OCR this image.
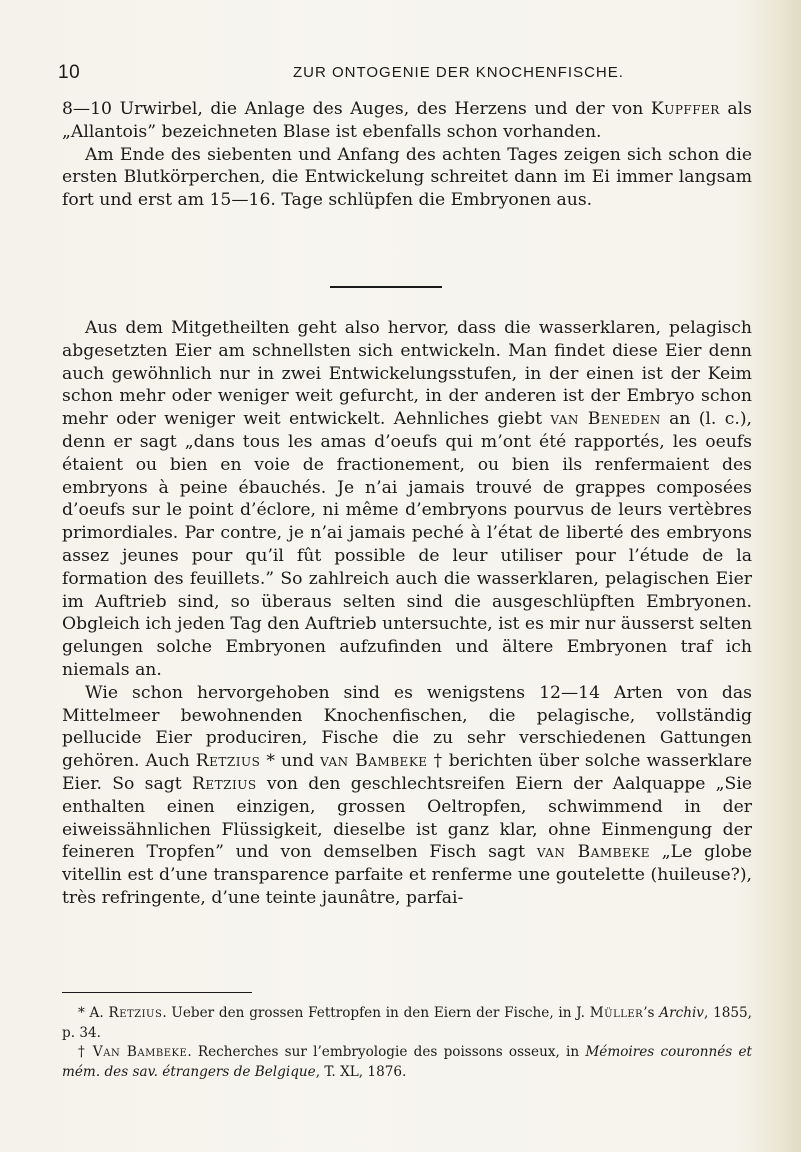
10	ZUR ONTOGENIE DER KNOCHENFISCHE.

8—10 Urwirbel, die Anlage des Auges, des Herzens und der von Kupffer als „Allantois” bezeichneten Blase ist ebenfalls schon vorhanden.

Am Ende des siebenten und Anfang des achten Tages zeigen sich schon die ersten Blutkörperchen, die Entwickelung schreitet dann im Ei immer langsam fort und erst am 15—16. Tage schlüpfen die Embryonen aus.

Aus dem Mitgetheilten geht also hervor, dass die wasserklaren, pelagisch abgesetzten Eier am schnellsten sich entwickeln. Man findet diese Eier denn auch gewöhnlich nur in zwei Entwickelungsstufen, in der einen ist der Keim schon mehr oder weniger weit gefurcht, in der anderen ist der Embryo schon mehr oder weniger weit entwickelt. Aehnliches giebt van Beneden an (l. c.), denn er sagt „dans tous les amas d’oeufs qui m’ont été rapportés, les oeufs étaient ou bien en voie de fractionement, ou bien ils renfermaient des embryons à peine ébauchés. Je n’ai jamais trouvé de grappes composées d’oeufs sur le point d’éclore, ni même d’embryons pourvus de leurs vertèbres primordiales. Par contre, je n’ai jamais peché à l’état de liberté des embryons assez jeunes pour qu’il fût possible de leur utiliser pour l’étude de la formation des feuillets.” So zahlreich auch die wasserklaren, pelagischen Eier im Auftrieb sind, so überaus selten sind die ausgeschlüpften Embryonen. Obgleich ich jeden Tag den Auftrieb untersuchte, ist es mir nur äusserst selten gelungen solche Embryonen aufzufinden und ältere Embryonen traf ich niemals an.

Wie schon hervorgehoben sind es wenigstens 12—14 Arten von das Mittelmeer bewohnenden Knochenfischen, die pelagische, vollständig pellucide Eier produciren, Fische die zu sehr verschiedenen Gattungen gehören. Auch Retzius * und van Bambeke † berichten über solche wasserklare Eier. So sagt Retzius von den geschlechtsreifen Eiern der Aalquappe „Sie enthalten einen einzigen, grossen Oeltropfen, schwimmend in der eiweissähnlichen Flüssigkeit, dieselbe ist ganz klar, ohne Einmengung der feineren Tropfen” und von demselben Fisch sagt van Bambeke „Le globe vitellin est d’une transparence parfaite et renferme une goutelette (huileuse?), très refringente, d’une teinte jaunâtre, parfai-

* A. Retzius. Ueber den grossen Fettropfen in den Eiern der Fische, in J. Müller’s Archiv, 1855, p. 34.

† Van Bambeke. Recherches sur l’embryologie des poissons osseux, in Mémoires couronnés et mém. des sav. étrangers de Belgique, T. XL, 1876.
